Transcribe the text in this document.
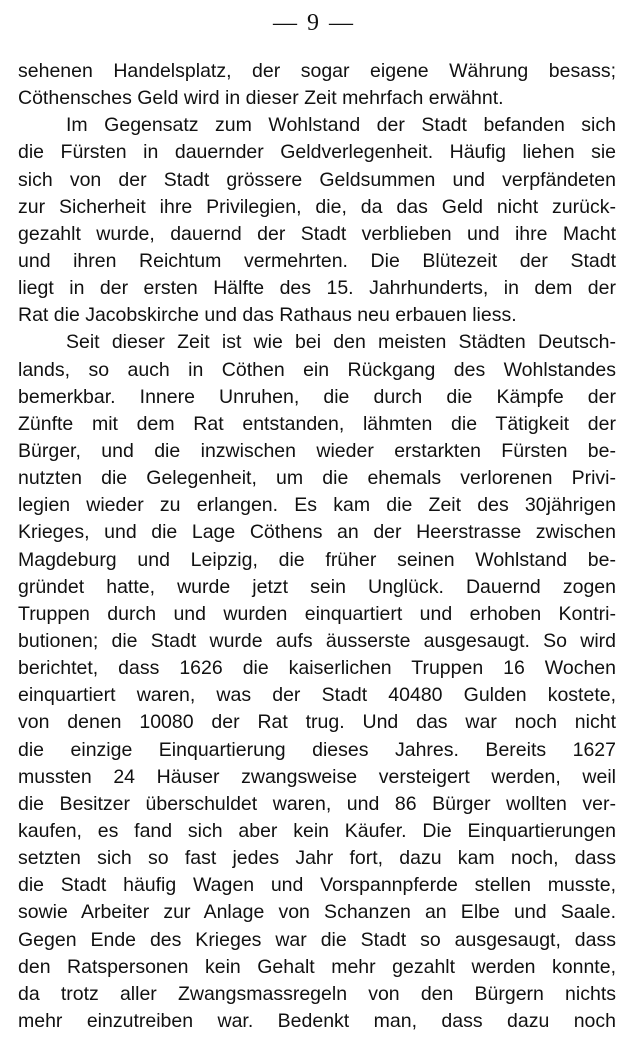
— 9 —
sehenen Handelsplatz, der sogar eigene Währung besass;
Cöthensches Geld wird in dieser Zeit mehrfach erwähnt.
Im Gegensatz zum Wohlstand der Stadt befanden sich
die Fürsten in dauernder Geldverlegenheit. Häufig liehen sie
sich von der Stadt grössere Geldsummen und verpfändeten
zur Sicherheit ihre Privilegien, die, da das Geld nicht zurück-
gezahlt wurde, dauernd der Stadt verblieben und ihre Macht
und ihren Reichtum vermehrten. Die Blütezeit der Stadt
liegt in der ersten Hälfte des 15. Jahrhunderts, in dem der
Rat die Jacobskirche und das Rathaus neu erbauen liess.
Seit dieser Zeit ist wie bei den meisten Städten Deutsch-
lands, so auch in Cöthen ein Rückgang des Wohlstandes
bemerkbar. Innere Unruhen, die durch die Kämpfe der
Zünfte mit dem Rat entstanden, lähmten die Tätigkeit der
Bürger, und die inzwischen wieder erstarkten Fürsten be-
nutzten die Gelegenheit, um die ehemals verlorenen Privi-
legien wieder zu erlangen. Es kam die Zeit des 30jährigen
Krieges, und die Lage Cöthens an der Heerstrasse zwischen
Magdeburg und Leipzig, die früher seinen Wohlstand be-
gründet hatte, wurde jetzt sein Unglück. Dauernd zogen
Truppen durch und wurden einquartiert und erhoben Kontri-
butionen; die Stadt wurde aufs äusserste ausgesaugt. So wird
berichtet, dass 1626 die kaiserlichen Truppen 16 Wochen
einquartiert waren, was der Stadt 40480 Gulden kostete,
von denen 10080 der Rat trug. Und das war noch nicht
die einzige Einquartierung dieses Jahres. Bereits 1627
mussten 24 Häuser zwangsweise versteigert werden, weil
die Besitzer überschuldet waren, und 86 Bürger wollten ver-
kaufen, es fand sich aber kein Käufer. Die Einquartierungen
setzten sich so fast jedes Jahr fort, dazu kam noch, dass
die Stadt häufig Wagen und Vorspannpferde stellen musste,
sowie Arbeiter zur Anlage von Schanzen an Elbe und Saale.
Gegen Ende des Krieges war die Stadt so ausgesaugt, dass
den Ratspersonen kein Gehalt mehr gezahlt werden konnte,
da trotz aller Zwangsmassregeln von den Bürgern nichts
mehr einzutreiben war. Bedenkt man, dass dazu noch
